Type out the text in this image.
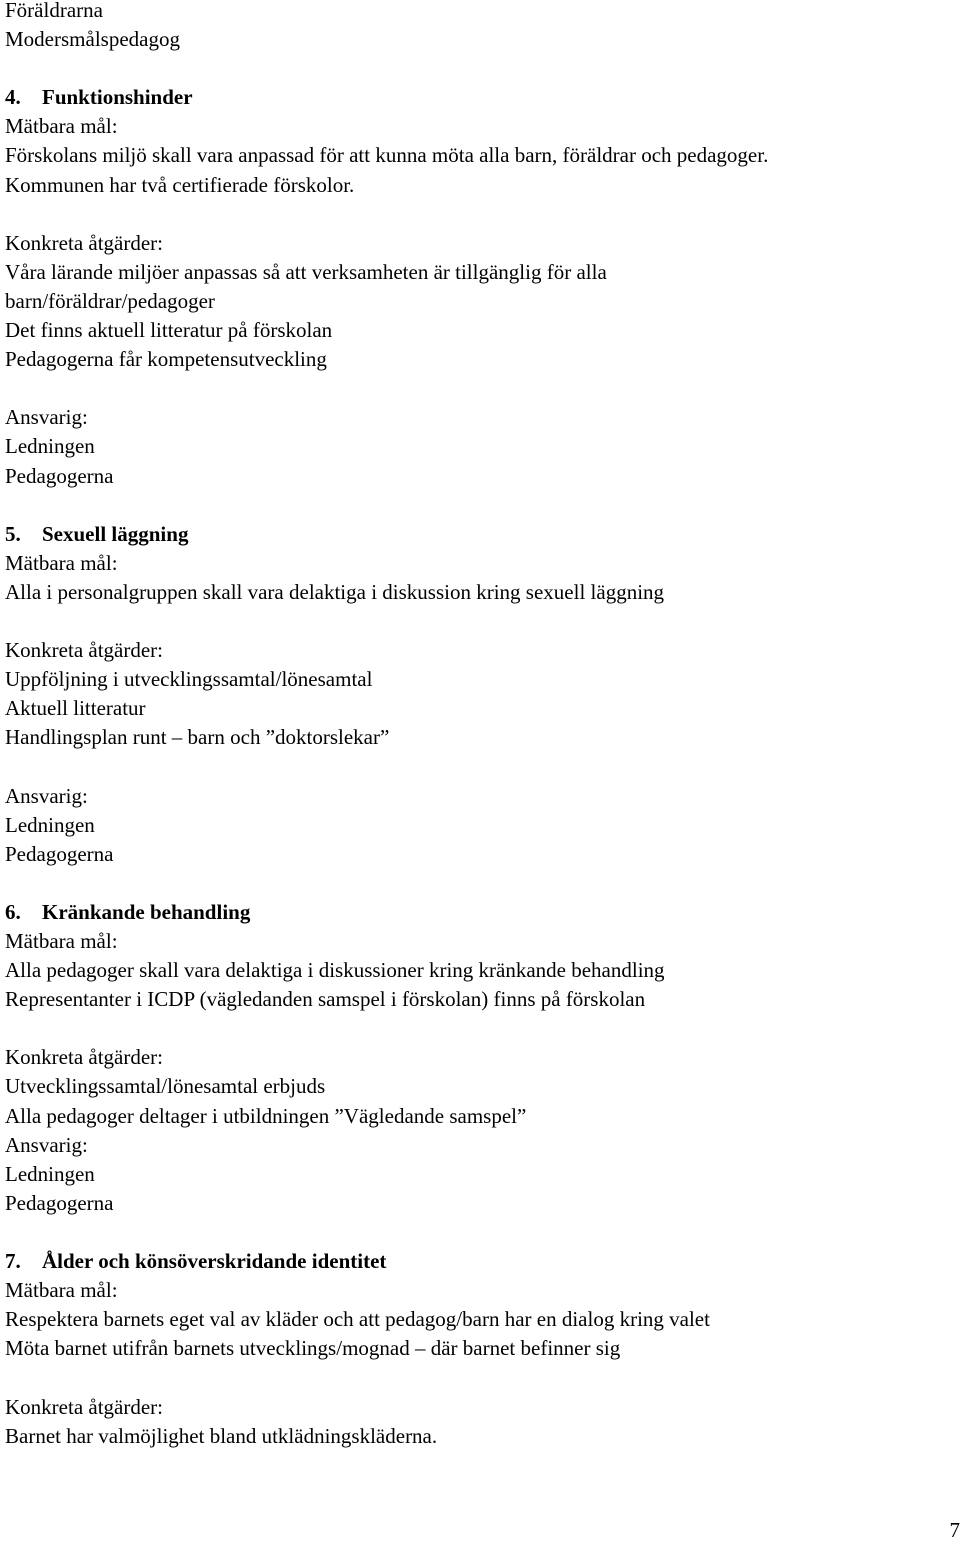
Föräldrarna
Modersmålspedagog
4. Funktionshinder
Mätbara mål:
Förskolans miljö skall vara anpassad för att kunna möta alla barn, föräldrar och pedagoger.
Kommunen har två certifierade förskolor.
Konkreta åtgärder:
Våra lärande miljöer anpassas så att verksamheten är tillgänglig för alla
barn/föräldrar/pedagoger
Det finns aktuell litteratur på förskolan
Pedagogerna får kompetensutveckling
Ansvarig:
Ledningen
Pedagogerna
5. Sexuell läggning
Mätbara mål:
Alla i personalgruppen skall vara delaktiga i diskussion kring sexuell läggning
Konkreta åtgärder:
Uppföljning i utvecklingssamtal/lönesamtal
Aktuell litteratur
Handlingsplan runt – barn och ”doktorslekar”
Ansvarig:
Ledningen
Pedagogerna
6. Kränkande behandling
Mätbara mål:
Alla pedagoger skall vara delaktiga i diskussioner kring kränkande behandling
Representanter i ICDP (vägledanden samspel i förskolan) finns på förskolan
Konkreta åtgärder:
Utvecklingssamtal/lönesamtal erbjuds
Alla pedagoger deltager i utbildningen ”Vägledande samspel”
Ansvarig:
Ledningen
Pedagogerna
7. Ålder och könsöverskridande identitet
Mätbara mål:
Respektera barnets eget val av kläder och att pedagog/barn har en dialog kring valet
Möta barnet utifrån barnets utvecklings/mognad – där barnet befinner sig
Konkreta åtgärder:
Barnet har valmöjlighet bland utklädningskläderna.
7
